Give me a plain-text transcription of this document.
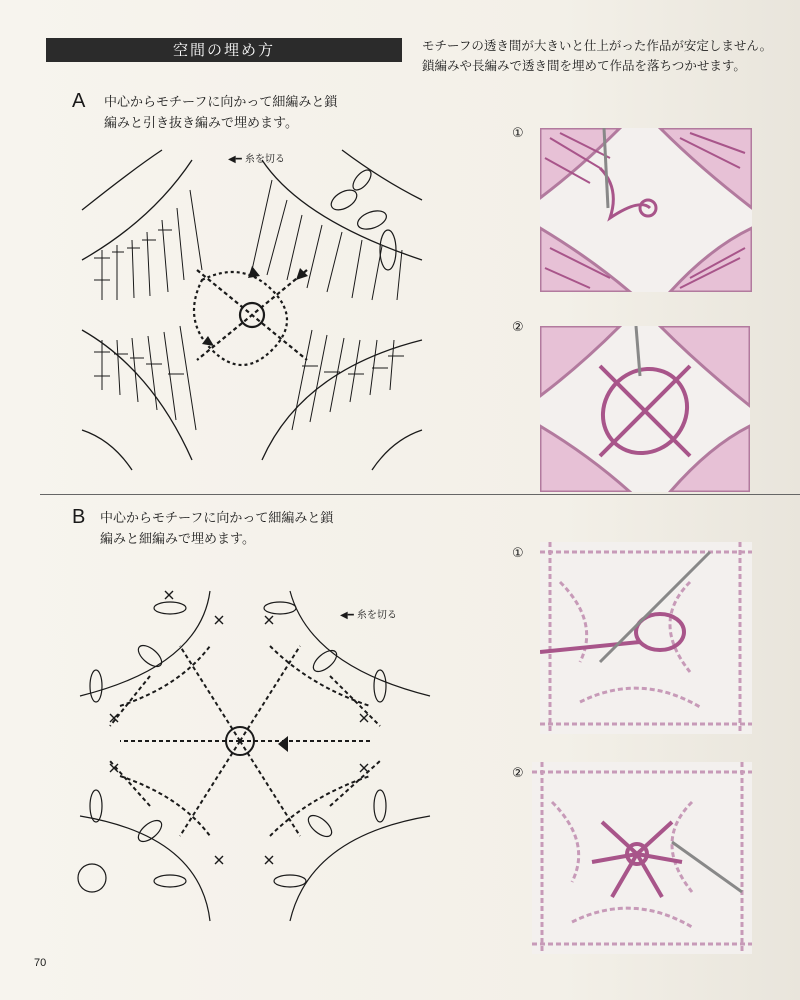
空間の埋め方	モチーフの透き間が大きいと仕上がった作品が安定しません。

鎖編みや長編みで透き間を埋めて作品を落ちつかせます。

A 中心からモチーフに向かって細編みと鎖

編みと引き抜き編みで埋めます。

◀━ 糸を切る
①
②
B 中心からモチーフに向かって細編みと鎖

編みと細編みで埋めます。

◀━ 糸を切る
①
②
70
